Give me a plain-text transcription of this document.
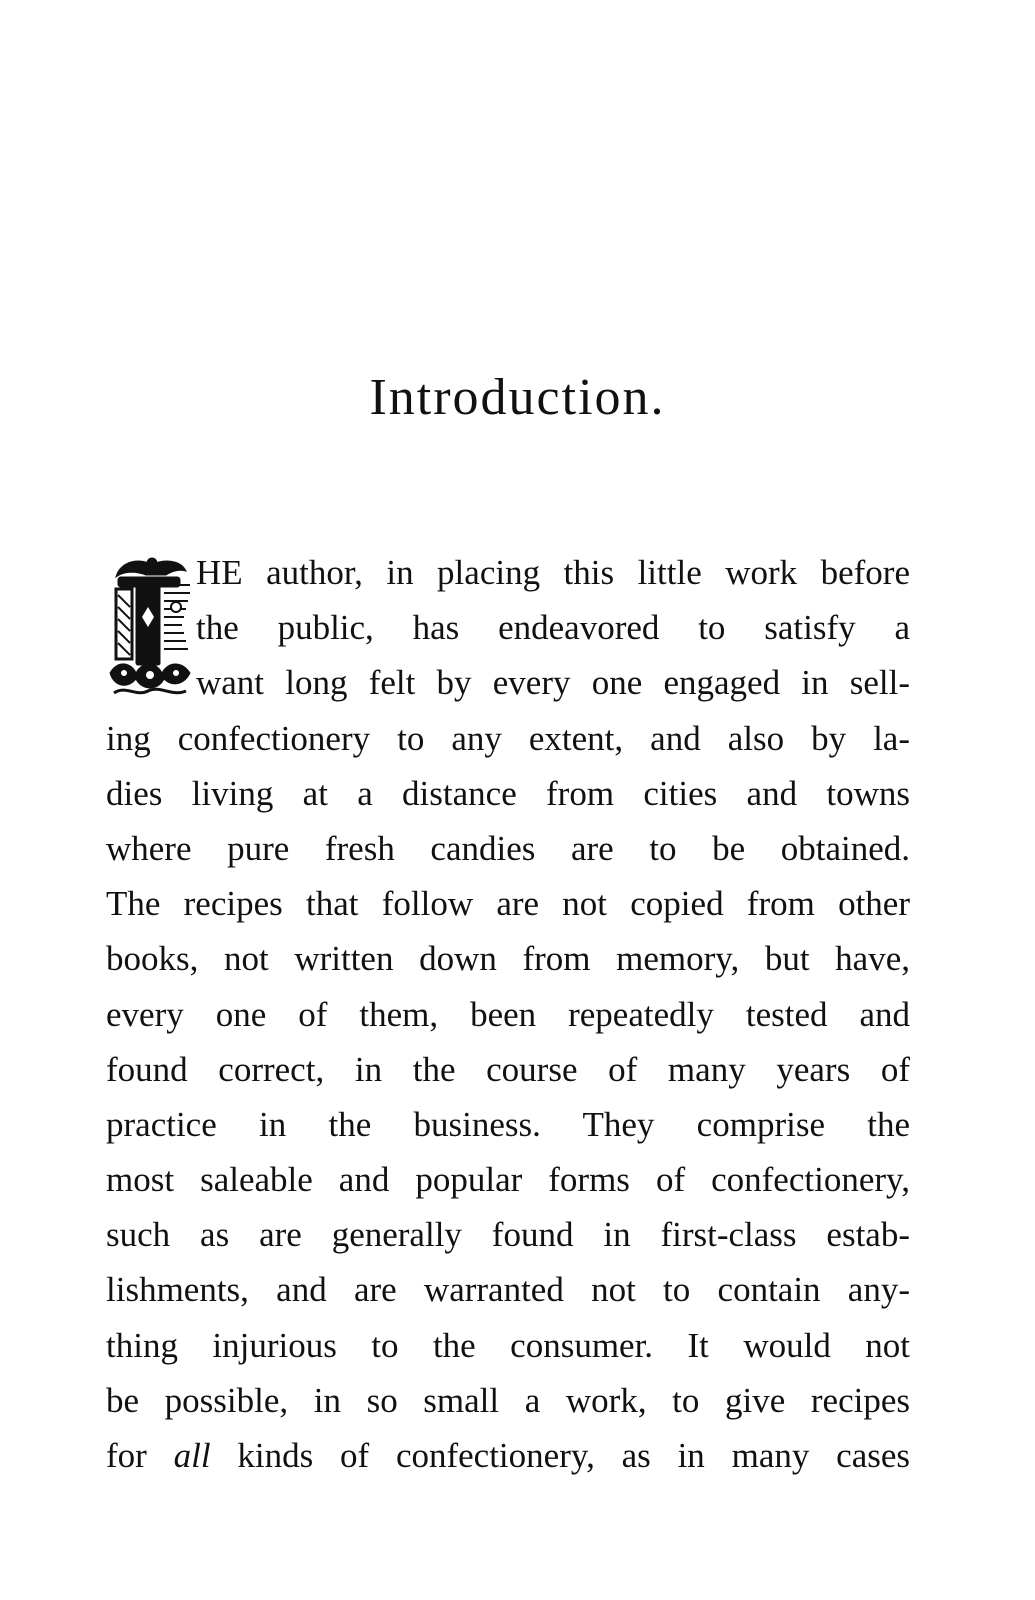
Introduction.
HE author, in placing this little work before
the public, has endeavored to satisfy a
want long felt by every one engaged in sell-
ing confectionery to any extent, and also by la-
dies living at a distance from cities and towns
where pure fresh candies are to be obtained.
The recipes that follow are not copied from other
books, not written down from memory, but have,
every one of them, been repeatedly tested and
found correct, in the course of many years of
practice in the business. They comprise the
most saleable and popular forms of confectionery,
such as are generally found in first-class estab-
lishments, and are warranted not to contain any-
thing injurious to the consumer. It would not
be possible, in so small a work, to give recipes
for all kinds of confectionery, as in many cases
